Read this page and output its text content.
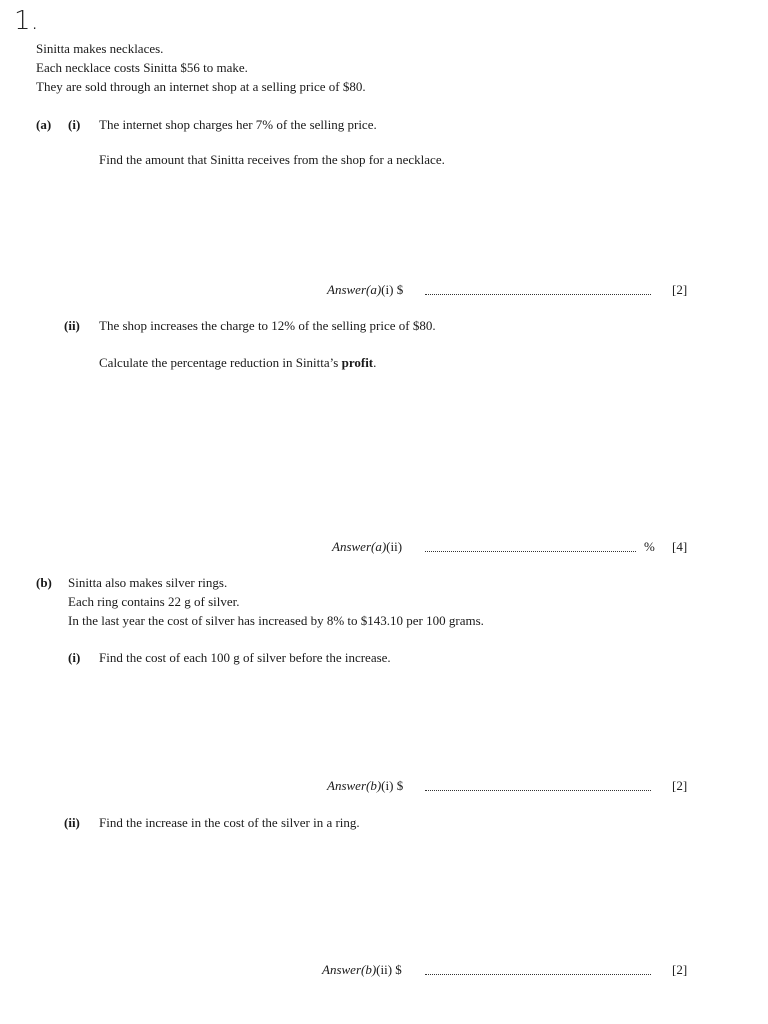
1.
Sinitta makes necklaces.
Each necklace costs Sinitta $56 to make.
They are sold through an internet shop at a selling price of $80.
(a) (i) The internet shop charges her 7% of the selling price.
Find the amount that Sinitta receives from the shop for a necklace.
Answer(a)(i) $	[2]
(ii) The shop increases the charge to 12% of the selling price of $80.
Calculate the percentage reduction in Sinitta’s profit.
Answer(a)(ii)	% [4]
(b) Sinitta also makes silver rings.
Each ring contains 22 g of silver.
In the last year the cost of silver has increased by 8% to $143.10 per 100 grams.
(i) Find the cost of each 100 g of silver before the increase.
Answer(b)(i) $	[2]
(ii) Find the increase in the cost of the silver in a ring.
Answer(b)(ii) $	[2]
